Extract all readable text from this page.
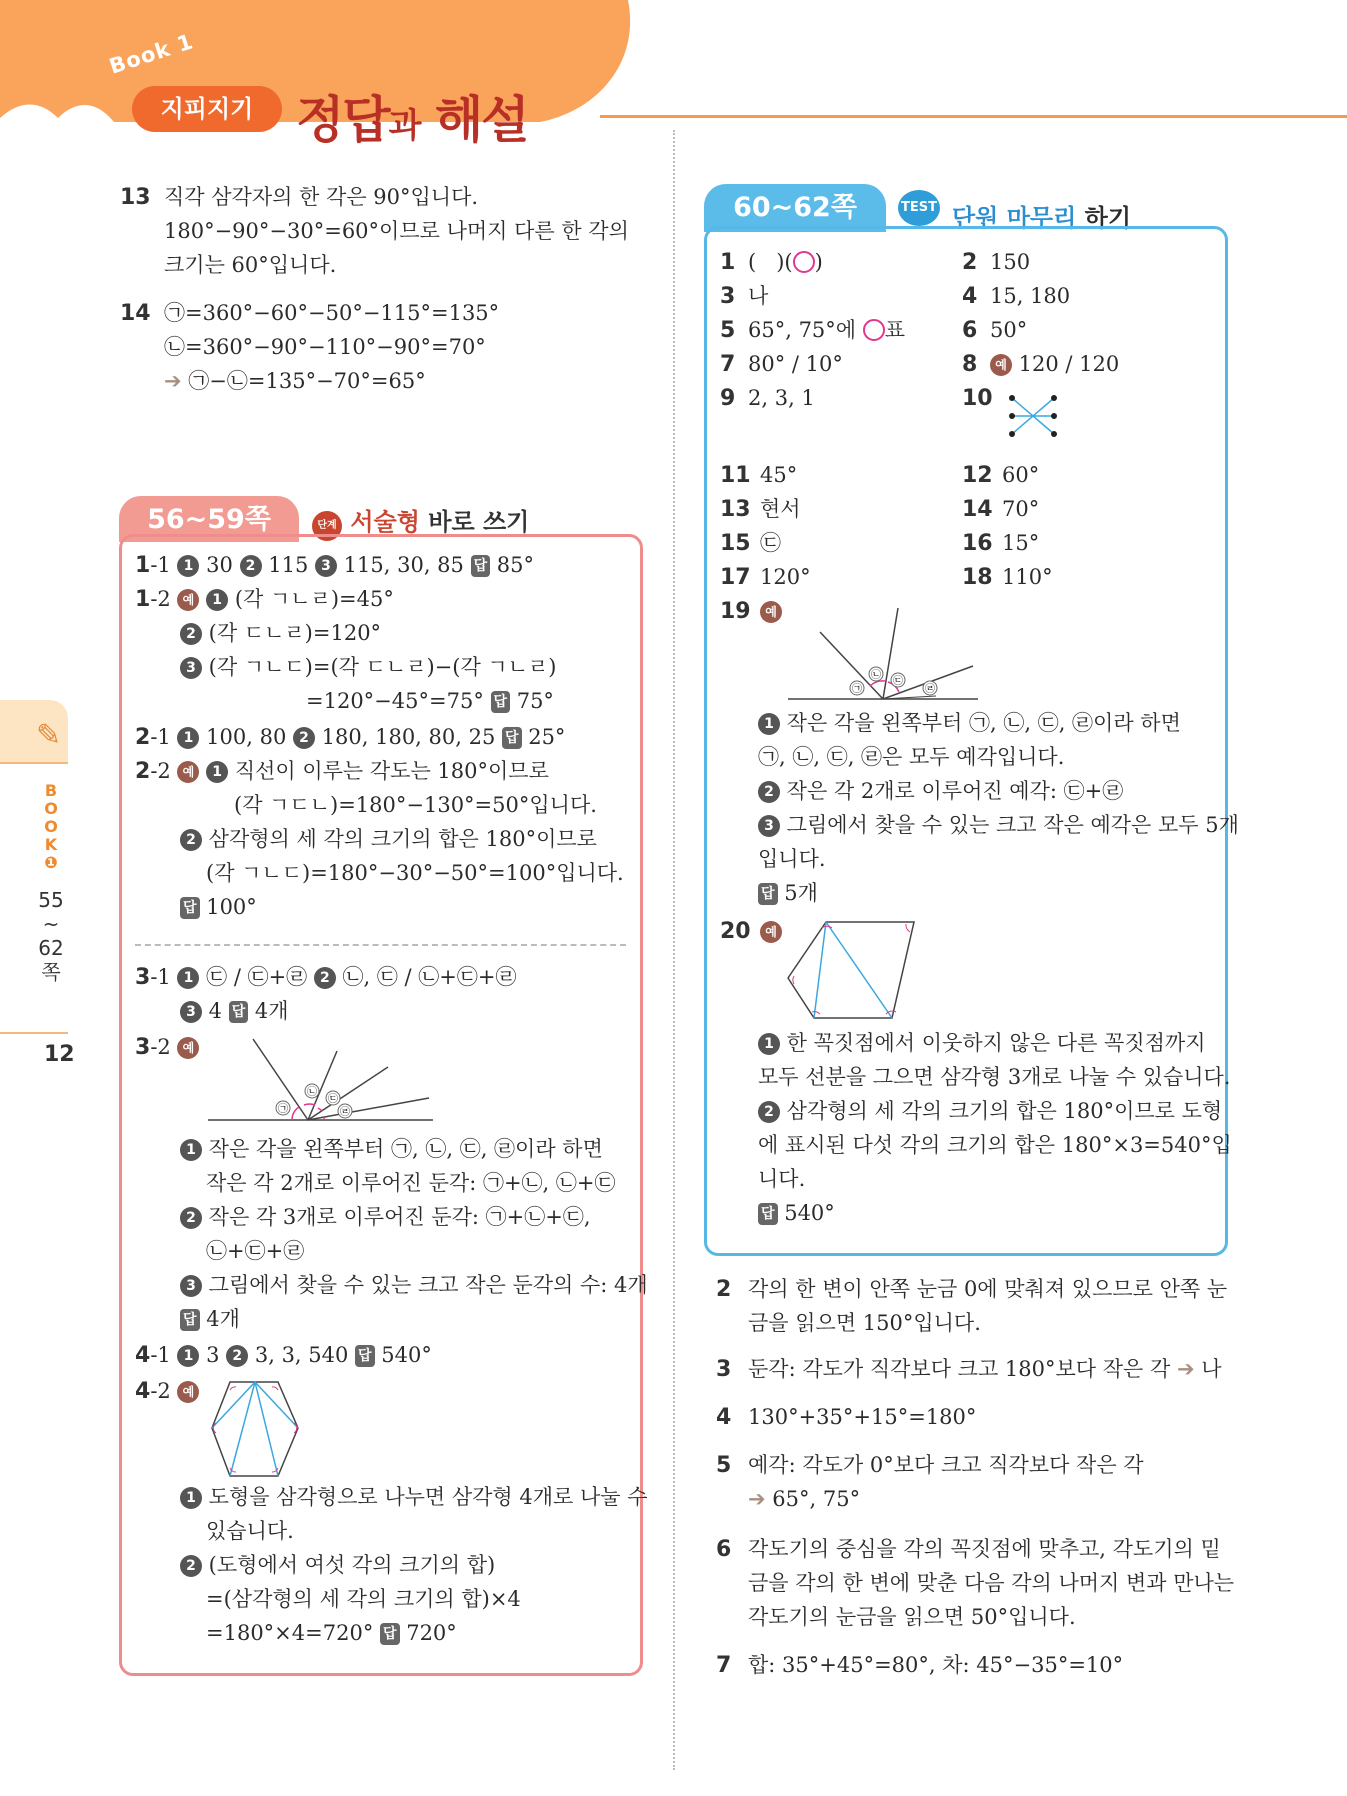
Book 1
지피지기 정답과 해설
✎
B
O
O
K
❶
55
~
62
쪽
12
13 직각 삼각자의 한 각은 90°입니다.
180°−90°−30°=60°이므로 나머지 다른 한 각의
크기는 60°입니다.
14 ㉠=360°−60°−50°−115°=135°
㉡=360°−90°−110°−90°=70°
➔ ㉠−㉡=135°−70°=65°
56~59쪽	단계 서술형 바로 쓰기
1-1 1 30 2 115 3 115, 30, 85 답 85°
1-2 예 1 (각 ㄱㄴㄹ)=45°
2 (각 ㄷㄴㄹ)=120°
3 (각 ㄱㄴㄷ)=(각 ㄷㄴㄹ)−(각 ㄱㄴㄹ)
=120°−45°=75° 답 75°
2-1 1 100, 80 2 180, 180, 80, 25 답 25°
2-2 예 1 직선이 이루는 각도는 180°이므로
(각 ㄱㄷㄴ)=180°−130°=50°입니다.
2 삼각형의 세 각의 크기의 합은 180°이므로
(각 ㄱㄴㄷ)=180°−30°−50°=100°입니다.
답 100°
3-1 1 ㉢ / ㉢+㉣ 2 ㉡, ㉢ / ㉡+㉢+㉣
3 4 답 4개
3-2 예
㉠
㉡
㉢
㉣
1 작은 각을 왼쪽부터 ㉠, ㉡, ㉢, ㉣이라 하면
작은 각 2개로 이루어진 둔각: ㉠+㉡, ㉡+㉢
2 작은 각 3개로 이루어진 둔각: ㉠+㉡+㉢,
㉡+㉢+㉣
3 그림에서 찾을 수 있는 크고 작은 둔각의 수: 4개
답 4개
4-1 1 3 2 3, 3, 540 답 540°
4-2 예
1 도형을 삼각형으로 나누면 삼각형 4개로 나눌 수
있습니다.
2 (도형에서 여섯 각의 크기의 합)
=(삼각형의 세 각의 크기의 합)×4
=180°×4=720° 답 720°
60~62쪽	TEST 단원 마무리 하기
1 (   )(○)
3 나
5 65°, 75°에 ○표
7 80° / 10°
9 2, 3, 1
11 45°
13 현서
15 ㉢
17 120°
19 예
2 150
4 15, 180
6 50°
8 예 120 / 120
10
12 60°
14 70°
16 15°
18 110°
㉠
㉡
㉢
㉣
1 작은 각을 왼쪽부터 ㉠, ㉡, ㉢, ㉣이라 하면
㉠, ㉡, ㉢, ㉣은 모두 예각입니다.
2 작은 각 2개로 이루어진 예각: ㉢+㉣
3 그림에서 찾을 수 있는 크고 작은 예각은 모두 5개
입니다.
답 5개
20 예
1 한 꼭짓점에서 이웃하지 않은 다른 꼭짓점까지
모두 선분을 그으면 삼각형 3개로 나눌 수 있습니다.
2 삼각형의 세 각의 크기의 합은 180°이므로 도형
에 표시된 다섯 각의 크기의 합은 180°×3=540°입
니다.
답 540°
2 각의 한 변이 안쪽 눈금 0에 맞춰져 있으므로 안쪽 눈
금을 읽으면 150°입니다.
3 둔각: 각도가 직각보다 크고 180°보다 작은 각 ➔ 나
4 130°+35°+15°=180°
5 예각: 각도가 0°보다 크고 직각보다 작은 각
➔ 65°, 75°
6 각도기의 중심을 각의 꼭짓점에 맞추고, 각도기의 밑
금을 각의 한 변에 맞춘 다음 각의 나머지 변과 만나는
각도기의 눈금을 읽으면 50°입니다.
7 합: 35°+45°=80°, 차: 45°−35°=10°
